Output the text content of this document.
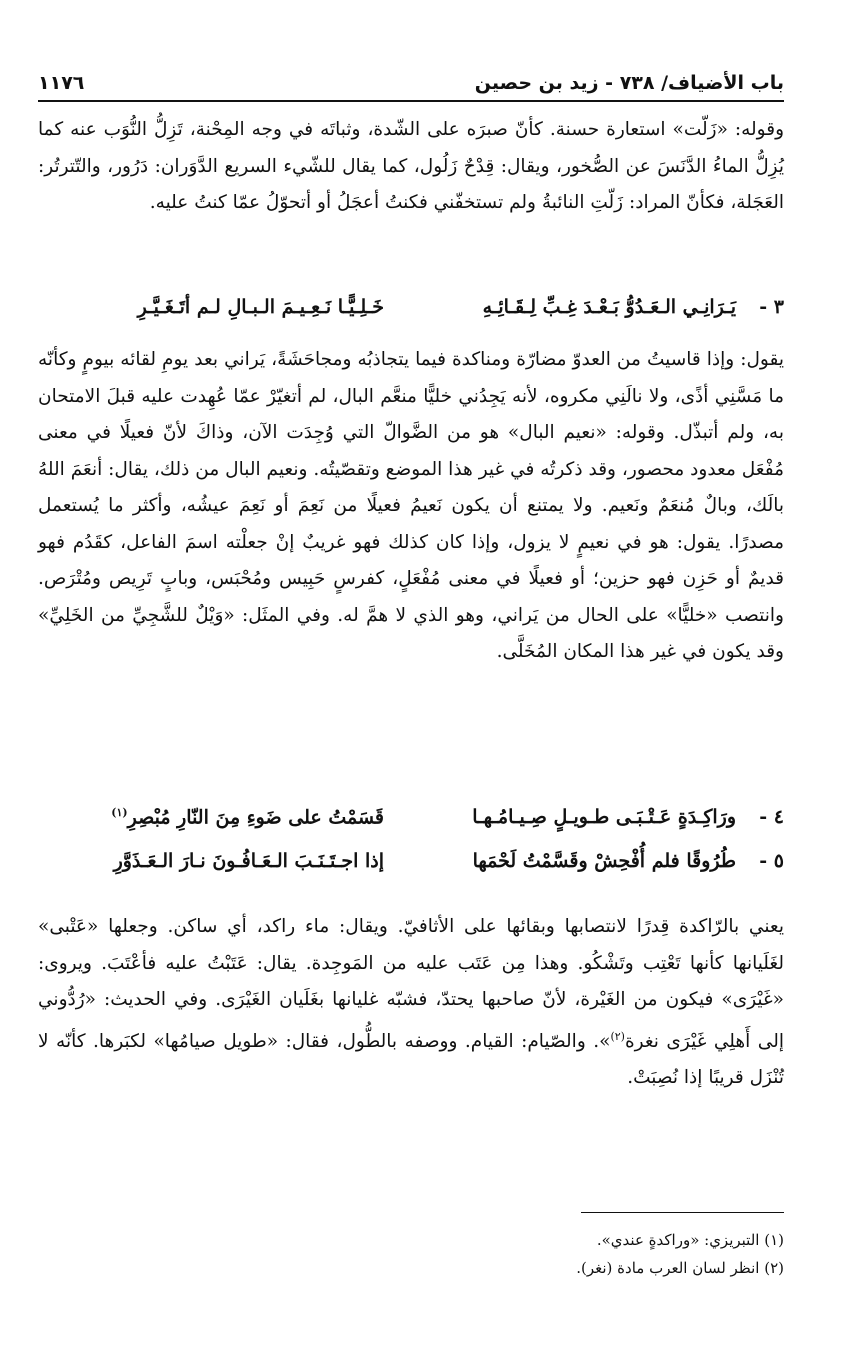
باب الأضياف/ ٧٣٨ - زيد بن حصين
١١٧٦

وقوله: «زَلّت» استعارة حسنة. كأنّ صبرَه على الشّدة، وثباتَه في وجه المِحْنة، تَزِلُّ النُّوَب عنه كما يُزِلُّ الماءُ الدَّنَسَ عن الصُّخور، ويقال: قِدْحٌ زَلُول، كما يقال للشّيء السريع الدَّوَران: دَرُور، والتّترتُر: العَجَلة، فكأنّ المراد: زَلّتِ النائبةُ ولم تستخفّني فكنتُ أعجَلُ أو أتحوّلُ عمّا كنتُ عليه.

٣ -
يَـرَانِـي الـعَـدُوُّ بَـعْـدَ غِـبِّ لِـقَـائِـهِ
خَـلِـيًّـا نَـعِـيـمَ الـبـالِ لـم أتَـغَـيَّـرِ

يقول: وإذا قاسيتُ من العدوّ مضارّة ومناكدة فيما يتجاذبُه ومجاحَشَةً، يَراني بعد يومِ لقائه بيومٍ وكأنّه ما مَسَّنِي أذًى، ولا نالَنِي مكروه، لأنه يَجِدُني خليًّا منعَّم البال، لم أتغيّرْ عمّا عُهِدت عليه قبلَ الامتحان به، ولم أتبذّل. وقوله: «نعيم البال» هو من الضَّوالّ التي وُجِدَت الآن، وذاكَ لأنّ فعيلًا في معنى مُفْعَل معدود محصور، وقد ذكرتُه في غير هذا الموضع وتقصّيتُه. ونعيم البال من ذلك، يقال: أنعَمَ اللهُ بالَك، وبالٌ مُنعَمٌ ونَعيم. ولا يمتنع أن يكون نَعيمُ فعيلًا من نَعِمَ أو نَعِمَ عيشُه، وأكثر ما يُستعمل مصدرًا. يقول: هو في نعيمٍ لا يزول، وإذا كان كذلك فهو غريبٌ إنْ جعلْته اسمَ الفاعل، كقَدُم فهو قديمٌ أو حَزِن فهو حزين؛ أو فعيلًا في معنى مُفْعَلٍ، كفرسٍ حَبِيس ومُحْبَس، وبابٍ تَرِيص ومُتْرَص. وانتصب «خليًّا» على الحال من يَراني، وهو الذي لا همَّ له. وفي المثَل: «وَيْلٌ للشَّجِيِّ من الخَلِيِّ» وقد يكون في غير هذا المكان المُخَلَّى.

٤ -
ورَاكِـدَةٍ عَـتْـبَـى طـويـلٍ صِـيـامُـهـا
قَسَمْتُ على ضَوءِ مِنَ النّارِ مُبْصِرِ$^{(١)}$
٥ -
طُرُوقًا فلم أُفْحِشْ وقَسَّمْتُ لَحْمَها
إذا اجـتَـنَـبَ الـعَـافُـونَ نـارَ الـعَـذَوَّرِ

يعني بالرّاكدة قِدرًا لانتصابها وبقائها على الأثافيّ. ويقال: ماء راكد، أي ساكن. وجعلها «عَتْبى» لغَلَيانها كأنها تَعْتِب وتَشْكُو. وهذا مِن عَتَب عليه من المَوجِدة. يقال: عَتَبْتُ عليه فأعْتَبَ. ويروى: «غَيْرَى» فيكون من الغَيْرة، لأنّ صاحبها يحتدّ، فشبّه غليانها بغَلَيان الغَيْرَى. وفي الحديث: «رُدُّوني إلى أَهلِي غَيْرَى نغرة$^{(٢)}$». والصّيام: القيام. ووصفه بالطُّول، فقال: «طويل صيامُها» لكبَرها. كأنّه لا تُنْزَل قريبًا إذا نُصِبَتْ.

(١) التبريزي: «وراكدةٍ عندي».
(٢) انظر لسان العرب مادة (نغر).
